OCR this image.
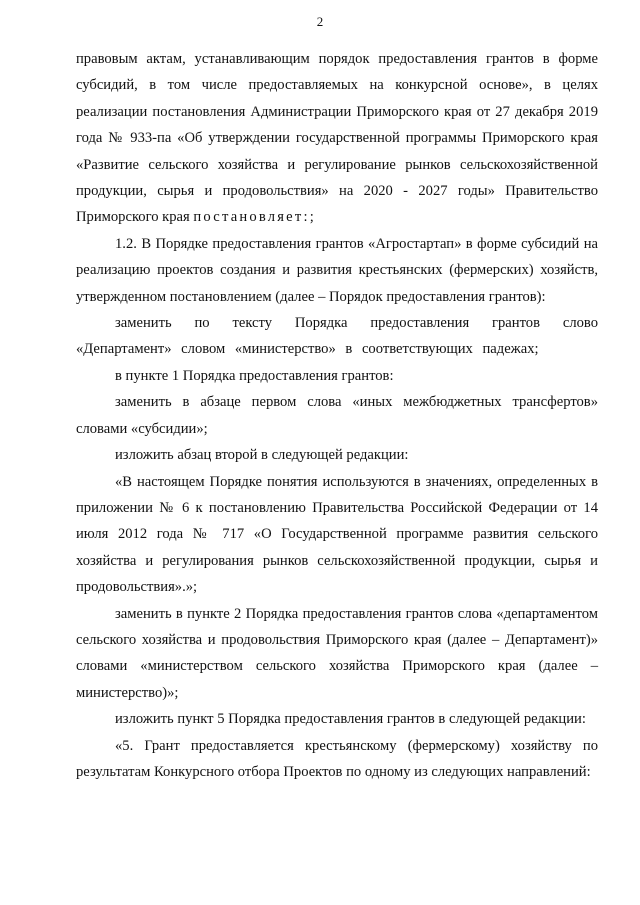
2

правовым актам, устанавливающим порядок предоставления грантов в форме субсидий, в том числе предоставляемых на конкурсной основе», в целях реализации постановления Администрации Приморского края от 27 декабря 2019 года № 933-па «Об утверждении государственной программы Приморского края «Развитие сельского хозяйства и регулирование рынков сельскохозяйственной продукции, сырья и продовольствия» на 2020 - 2027 годы» Правительство Приморского края постановляет:;

1.2. В Порядке предоставления грантов «Агростартап» в форме субсидий на реализацию проектов создания и развития крестьянских (фермерских) хозяйств, утвержденном постановлением (далее – Порядок предоставления грантов):

заменить по тексту Порядка предоставления грантов слово «Департамент» словом «министерство» в соответствующих падежах;

в пункте 1 Порядка предоставления грантов:

заменить в абзаце первом слова «иных межбюджетных трансфертов» словами «субсидии»;

изложить абзац второй в следующей редакции:

«В настоящем Порядке понятия используются в значениях, определенных в приложении № 6 к постановлению Правительства Российской Федерации от 14 июля 2012 года № 717 «О Государственной программе развития сельского хозяйства и регулирования рынков сельскохозяйственной продукции, сырья и продовольствия».»;

заменить в пункте 2 Порядка предоставления грантов слова «департаментом сельского хозяйства и продовольствия Приморского края (далее – Департамент)» словами «министерством сельского хозяйства Приморского края (далее – министерство)»;

изложить пункт 5 Порядка предоставления грантов в следующей редакции:

«5. Грант предоставляется крестьянскому (фермерскому) хозяйству по результатам Конкурсного отбора Проектов по одному из следующих направлений:
